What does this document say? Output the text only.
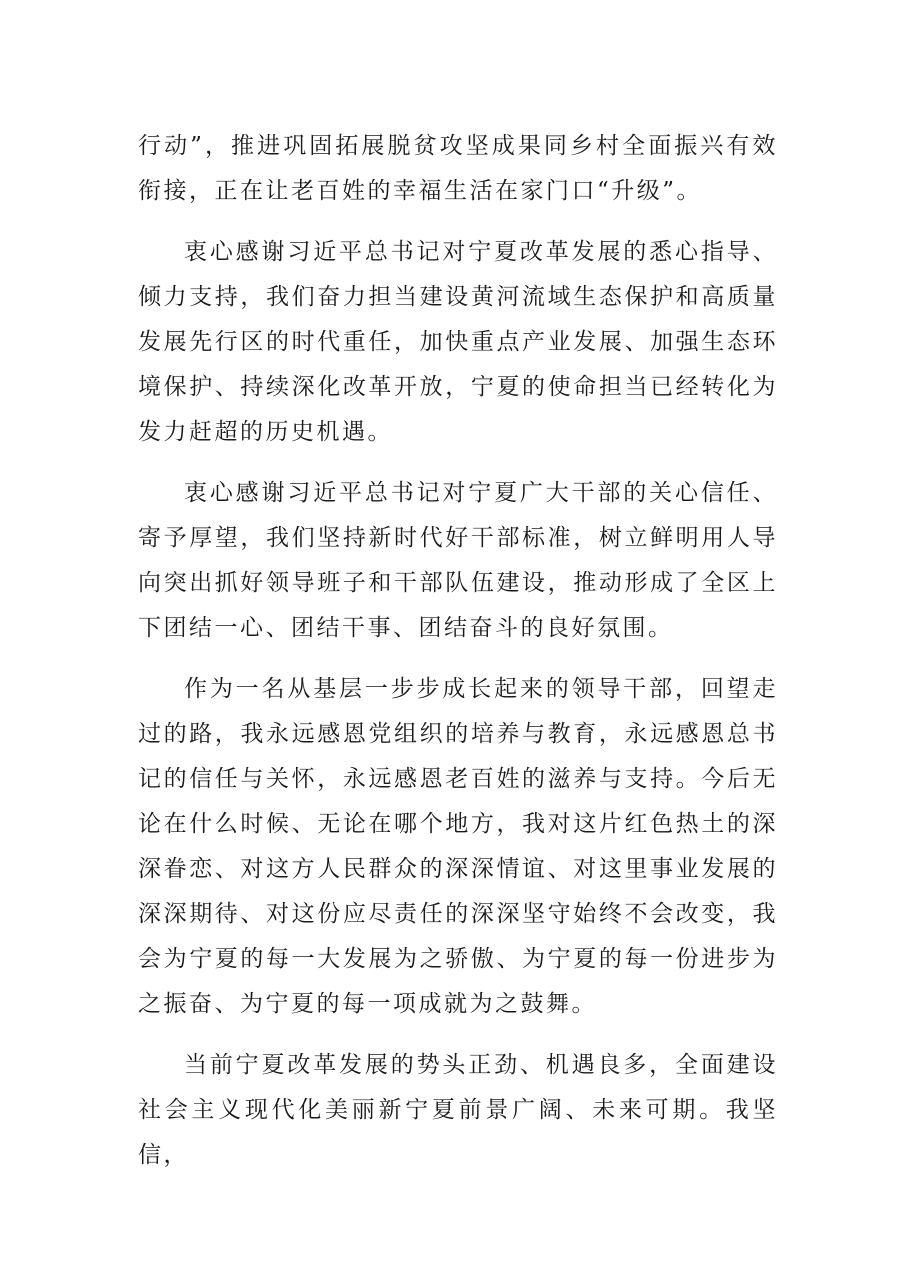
行动”，推进巩固拓展脱贫攻坚成果同乡村全面振兴有效衔接，正在让老百姓的幸福生活在家门口“升级”。

衷心感谢习近平总书记对宁夏改革发展的悉心指导、倾力支持，我们奋力担当建设黄河流域生态保护和高质量发展先行区的时代重任，加快重点产业发展、加强生态环境保护、持续深化改革开放，宁夏的使命担当已经转化为发力赶超的历史机遇。

衷心感谢习近平总书记对宁夏广大干部的关心信任、寄予厚望，我们坚持新时代好干部标准，树立鲜明用人导向突出抓好领导班子和干部队伍建设，推动形成了全区上下团结一心、团结干事、团结奋斗的良好氛围。

作为一名从基层一步步成长起来的领导干部，回望走过的路，我永远感恩党组织的培养与教育，永远感恩总书记的信任与关怀，永远感恩老百姓的滋养与支持。今后无论在什么时候、无论在哪个地方，我对这片红色热土的深深眷恋、对这方人民群众的深深情谊、对这里事业发展的深深期待、对这份应尽责任的深深坚守始终不会改变，我会为宁夏的每一大发展为之骄傲、为宁夏的每一份进步为之振奋、为宁夏的每一项成就为之鼓舞。

当前宁夏改革发展的势头正劲、机遇良多，全面建设社会主义现代化美丽新宁夏前景广阔、未来可期。我坚信，
